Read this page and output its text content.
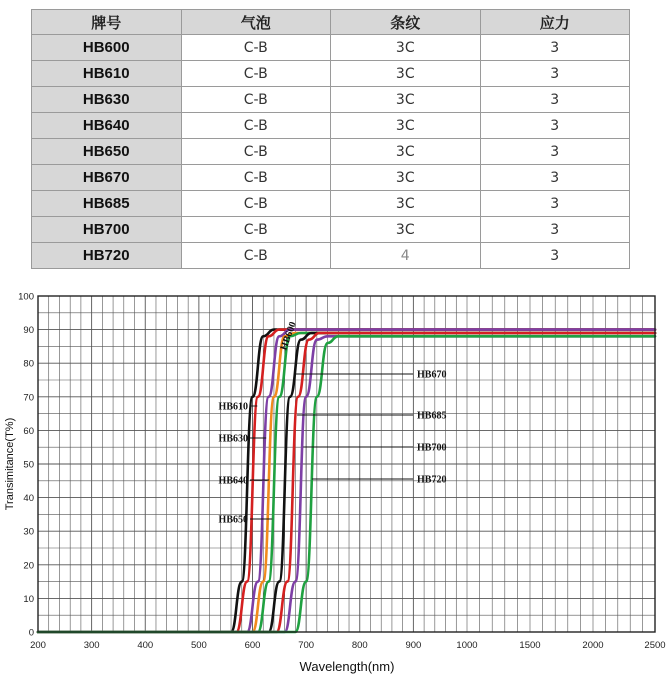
牌号	气泡	条纹	应力
HB600	C-B	3C	3
HB610	C-B	3C	3
HB630	C-B	3C	3
HB640	C-B	3C	3
HB650	C-B	3C	3
HB670	C-B	3C	3
HB685	C-B	3C	3
HB700	C-B	3C	3
HB720	C-B	4	3
0
10
20
30
40
50
60
70
80
90
100
200	300	400	500	600	700	800	900	1000	1500	2000	2500
HB600
HB610
HB630
HB640
HB650
HB670
HB685
HB700
HB720
Wavelength(nm)
Transimitance(T%)
